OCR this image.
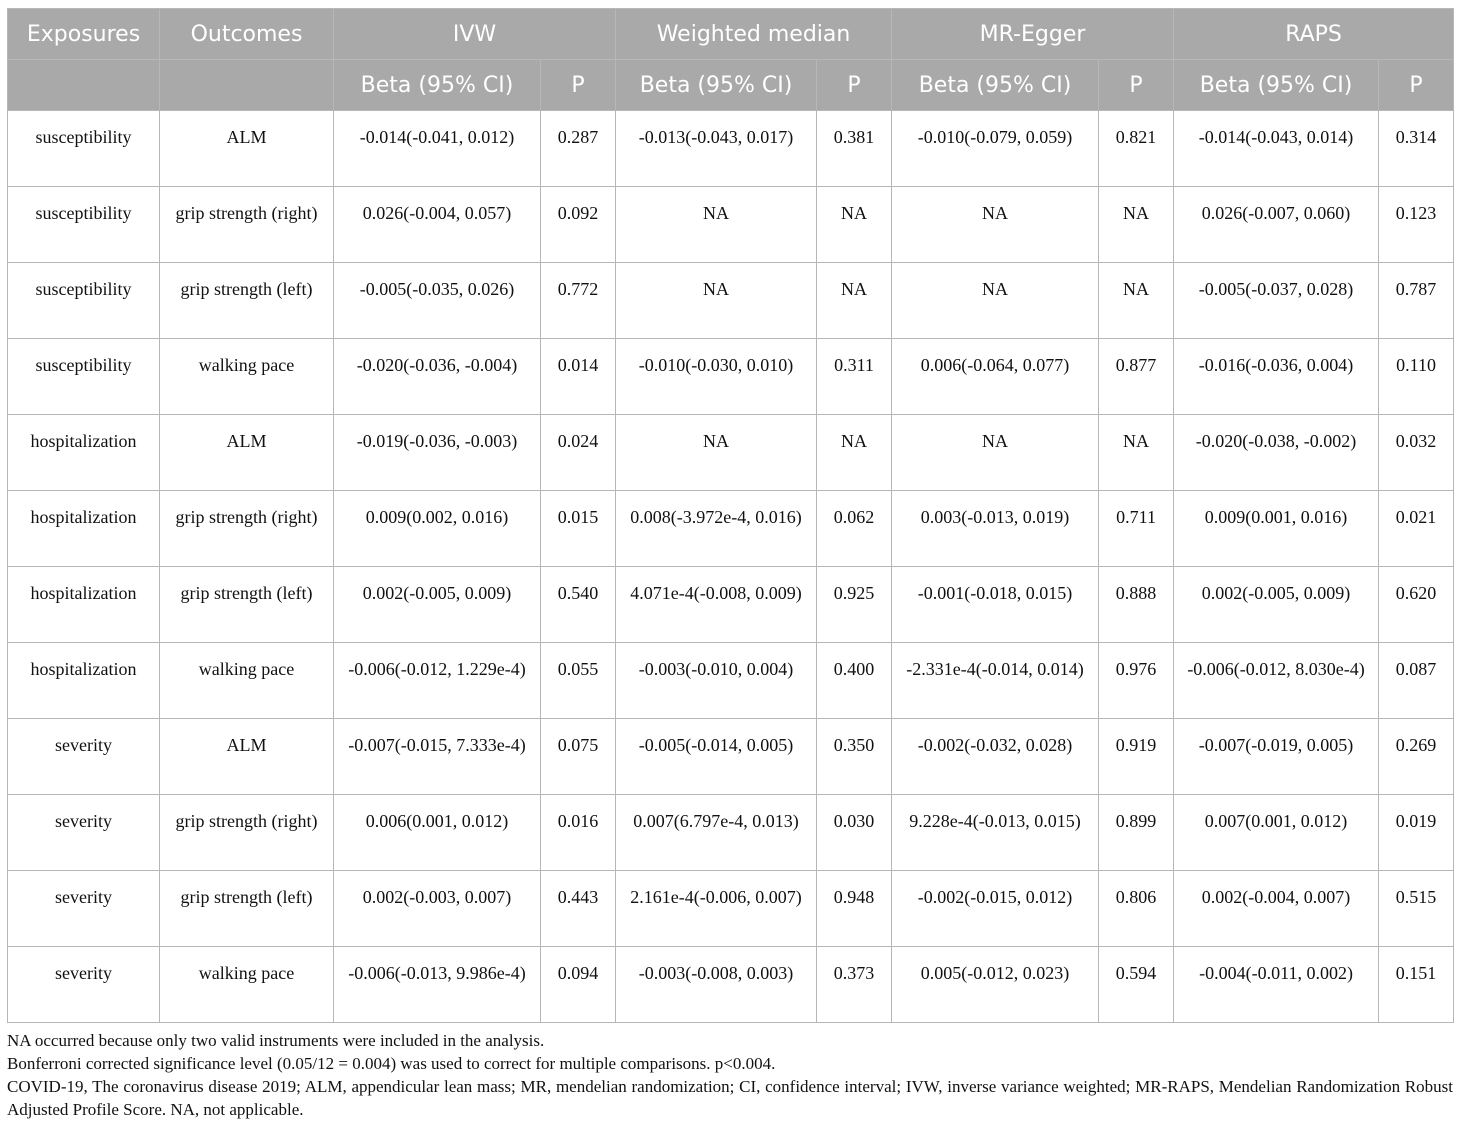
Exposures	Outcomes	IVW		Weighted median		MR-Egger		RAPS	
		Beta (95% CI)	P	Beta (95% CI)	P	Beta (95% CI)	P	Beta (95% CI)	P
susceptibility	ALM	-0.014(-0.041, 0.012)	0.287	-0.013(-0.043, 0.017)	0.381	-0.010(-0.079, 0.059)	0.821	-0.014(-0.043, 0.014)	0.314
susceptibility	grip strength (right)	0.026(-0.004, 0.057)	0.092	NA	NA	NA	NA	0.026(-0.007, 0.060)	0.123
susceptibility	grip strength (left)	-0.005(-0.035, 0.026)	0.772	NA	NA	NA	NA	-0.005(-0.037, 0.028)	0.787
susceptibility	walking pace	-0.020(-0.036, -0.004)	0.014	-0.010(-0.030, 0.010)	0.311	0.006(-0.064, 0.077)	0.877	-0.016(-0.036, 0.004)	0.110
hospitalization	ALM	-0.019(-0.036, -0.003)	0.024	NA	NA	NA	NA	-0.020(-0.038, -0.002)	0.032
hospitalization	grip strength (right)	0.009(0.002, 0.016)	0.015	0.008(-3.972e-4, 0.016)	0.062	0.003(-0.013, 0.019)	0.711	0.009(0.001, 0.016)	0.021
hospitalization	grip strength (left)	0.002(-0.005, 0.009)	0.540	4.071e-4(-0.008, 0.009)	0.925	-0.001(-0.018, 0.015)	0.888	0.002(-0.005, 0.009)	0.620
hospitalization	walking pace	-0.006(-0.012, 1.229e-4)	0.055	-0.003(-0.010, 0.004)	0.400	-2.331e-4(-0.014, 0.014)	0.976	-0.006(-0.012, 8.030e-4)	0.087
severity	ALM	-0.007(-0.015, 7.333e-4)	0.075	-0.005(-0.014, 0.005)	0.350	-0.002(-0.032, 0.028)	0.919	-0.007(-0.019, 0.005)	0.269
severity	grip strength (right)	0.006(0.001, 0.012)	0.016	0.007(6.797e-4, 0.013)	0.030	9.228e-4(-0.013, 0.015)	0.899	0.007(0.001, 0.012)	0.019
severity	grip strength (left)	0.002(-0.003, 0.007)	0.443	2.161e-4(-0.006, 0.007)	0.948	-0.002(-0.015, 0.012)	0.806	0.002(-0.004, 0.007)	0.515
severity	walking pace	-0.006(-0.013, 9.986e-4)	0.094	-0.003(-0.008, 0.003)	0.373	0.005(-0.012, 0.023)	0.594	-0.004(-0.011, 0.002)	0.151
NA occurred because only two valid instruments were included in the analysis.
Bonferroni corrected significance level (0.05/12 = 0.004) was used to correct for multiple comparisons. p<0.004.
COVID-19, The coronavirus disease 2019; ALM, appendicular lean mass; MR, mendelian randomization; CI, confidence interval; IVW, inverse variance weighted; MR-RAPS, Mendelian Randomization Robust Adjusted Profile Score. NA, not applicable.
